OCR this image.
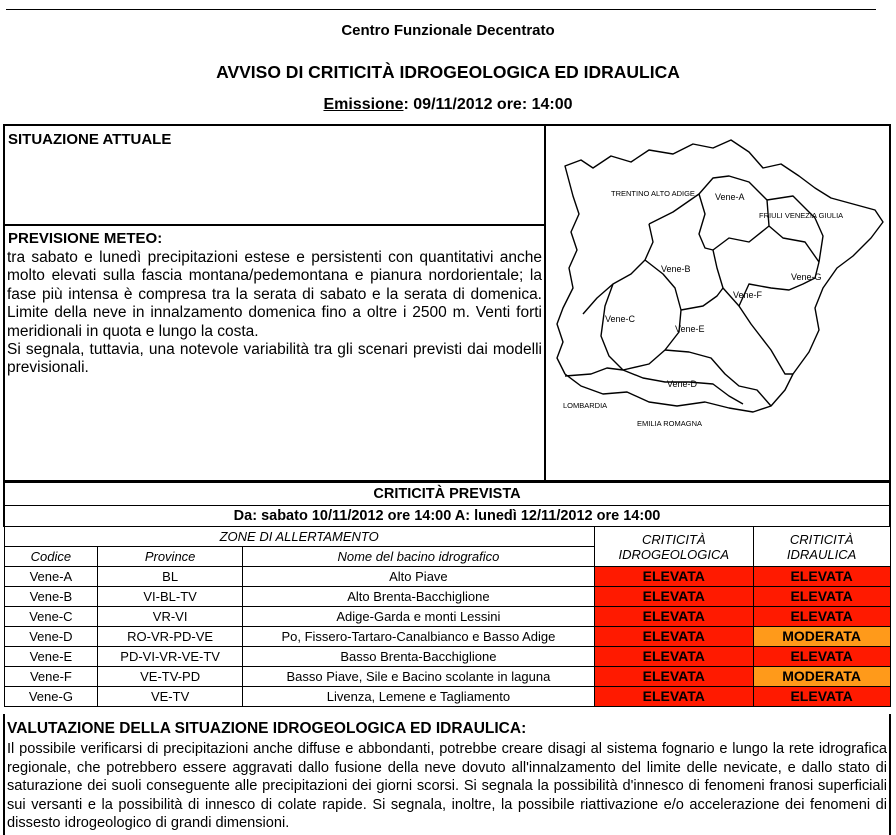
Centro Funzionale Decentrato
AVVISO DI CRITICITÀ IDROGEOLOGICA ED IDRAULICA
Emissione: 09/11/2012 ore: 14:00
SITUAZIONE ATTUALE
PREVISIONE METEO:

tra sabato e lunedì precipitazioni estese e persistenti con quantitativi anche molto elevati sulla fascia montana/pedemontana e pianura nordorientale; la fase più intensa è compresa tra la serata di sabato e la serata di domenica. Limite della neve in innalzamento domenica fino a oltre i 2500 m. Venti forti meridionali in quota e lungo la costa.

Si segnala, tuttavia, una notevole variabilità tra gli scenari previsti dai modelli previsionali.

TRENTINO ALTO ADIGE
FRIULI VENEZIA GIULIA
LOMBARDIA
EMILIA ROMAGNA
Vene-A
Vene-B
Vene-C
Vene-D
Vene-E
Vene-F
Vene-G
CRITICITÀ PREVISTA				
Da: sabato 10/11/2012 ore 14:00 A: lunedì 12/11/2012 ore 14:00				
ZONE DI ALLERTAMENTO			CRITICITÀ
IDROGEOLOGICA	CRITICITÀ
IDRAULICA
Codice	Province	Nome del bacino idrografico		
Vene-A	BL	Alto Piave	ELEVATA	ELEVATA
Vene-B	VI-BL-TV	Alto Brenta-Bacchiglione	ELEVATA	ELEVATA
Vene-C	VR-VI	Adige-Garda e monti Lessini	ELEVATA	ELEVATA
Vene-D	RO-VR-PD-VE	Po, Fissero-Tartaro-Canalbianco e Basso Adige	ELEVATA	MODERATA
Vene-E	PD-VI-VR-VE-TV	Basso Brenta-Bacchiglione	ELEVATA	ELEVATA
Vene-F	VE-TV-PD	Basso Piave, Sile e Bacino scolante in laguna	ELEVATA	MODERATA
Vene-G	VE-TV	Livenza, Lemene e Tagliamento	ELEVATA	ELEVATA
VALUTAZIONE DELLA SITUAZIONE IDROGEOLOGICA ED IDRAULICA:
Il possibile verificarsi di precipitazioni anche diffuse e abbondanti, potrebbe creare disagi al sistema fognario e lungo la rete idrografica regionale, che potrebbero essere aggravati dallo fusione della neve dovuto all'innalzamento del limite delle nevicate, e dallo stato di saturazione dei suoli conseguente alle precipitazioni dei giorni scorsi. Si segnala la possibilità d'innesco di fenomeni franosi superficiali sui versanti e la possibilità di innesco di colate rapide. Si segnala, inoltre, la possibile riattivazione e/o accelerazione dei fenomeni di dissesto idrogeologico di grandi dimensioni.
